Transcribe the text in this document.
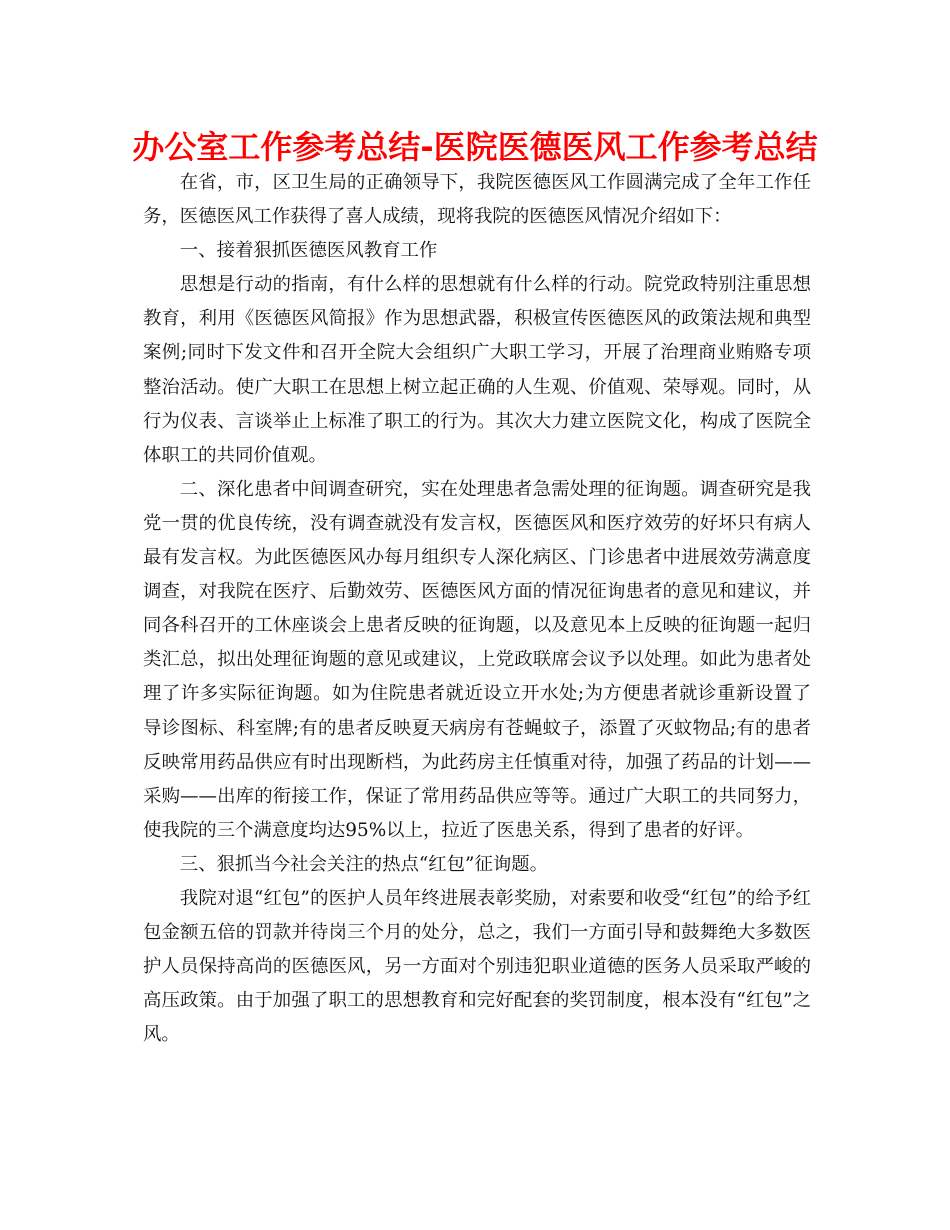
办公室工作参考总结-医院医德医风工作参考总结

在省，市，区卫生局的正确领导下，我院医德医风工作圆满完成了全年工作任务，医德医风工作获得了喜人成绩，现将我院的医德医风情况介绍如下：

一、接着狠抓医德医风教育工作

思想是行动的指南，有什么样的思想就有什么样的行动。院党政特别注重思想教育，利用《医德医风简报》作为思想武器，积极宣传医德医风的政策法规和典型案例;同时下发文件和召开全院大会组织广大职工学习，开展了治理商业贿赂专项整治活动。使广大职工在思想上树立起正确的人生观、价值观、荣辱观。同时，从行为仪表、言谈举止上标准了职工的行为。其次大力建立医院文化，构成了医院全体职工的共同价值观。

二、深化患者中间调查研究，实在处理患者急需处理的征询题。调查研究是我党一贯的优良传统，没有调查就没有发言权，医德医风和医疗效劳的好坏只有病人最有发言权。为此医德医风办每月组织专人深化病区、门诊患者中进展效劳满意度调查，对我院在医疗、后勤效劳、医德医风方面的情况征询患者的意见和建议，并同各科召开的工休座谈会上患者反映的征询题，以及意见本上反映的征询题一起归类汇总，拟出处理征询题的意见或建议，上党政联席会议予以处理。如此为患者处理了许多实际征询题。如为住院患者就近设立开水处;为方便患者就诊重新设置了导诊图标、科室牌;有的患者反映夏天病房有苍蝇蚊子，添置了灭蚊物品;有的患者反映常用药品供应有时出现断档，为此药房主任慎重对待，加强了药品的计划——采购——出库的衔接工作，保证了常用药品供应等等。通过广大职工的共同努力，使我院的三个满意度均达95%以上，拉近了医患关系，得到了患者的好评。

三、狠抓当今社会关注的热点“红包”征询题。

我院对退“红包”的医护人员年终进展表彰奖励，对索要和收受“红包”的给予红包金额五倍的罚款并待岗三个月的处分，总之，我们一方面引导和鼓舞绝大多数医护人员保持高尚的医德医风，另一方面对个别违犯职业道德的医务人员采取严峻的高压政策。由于加强了职工的思想教育和完好配套的奖罚制度，根本没有“红包”之风。
